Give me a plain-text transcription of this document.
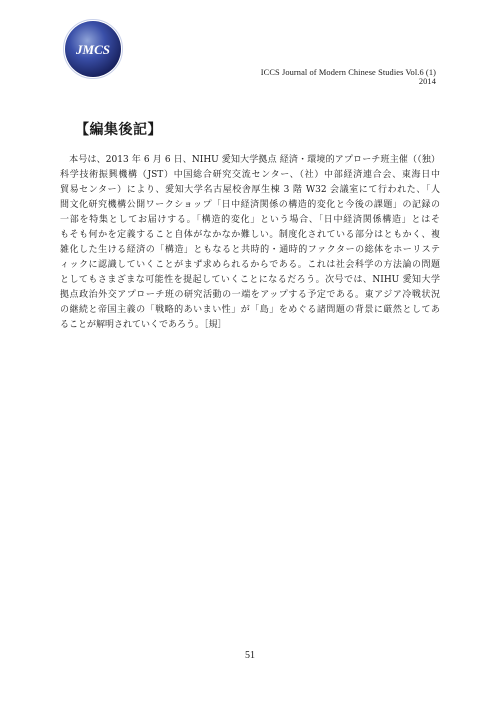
JMCS
ICCS Journal of Modern Chinese Studies Vol.6 (1) 2014
【編集後記】
　本号は、2013 年 6 月 6 日、NIHU 愛知大学拠点 経済・環境的アプローチ班主催（（独）
科学技術振興機構（JST）中国総合研究交流センター、（社）中部経済連合会、東海日中
貿易センター）により、愛知大学名古屋校舎厚生棟 3 階 W32 会議室にて行われた、「人
間文化研究機構公開ワークショップ「日中経済関係の構造的変化と今後の課題」の記録の
一部を特集としてお届けする。「構造的変化」という場合、「日中経済関係構造」とはそ
もそも何かを定義すること自体がなかなか難しい。制度化されている部分はともかく、複
雑化した生ける経済の「構造」ともなると共時的・通時的ファクターの総体をホーリステ
ィックに認識していくことがまず求められるからである。これは社会科学の方法論の問題
としてもさまざまな可能性を提起していくことになるだろう。次号では、NIHU 愛知大学
拠点政治外交アプローチ班の研究活動の一端をアップする予定である。東アジア冷戦状況
の継続と帝国主義の「戦略的あいまい性」が「島」をめぐる諸問題の背景に厳然としてあ
ることが解明されていくであろう。［規］
51
